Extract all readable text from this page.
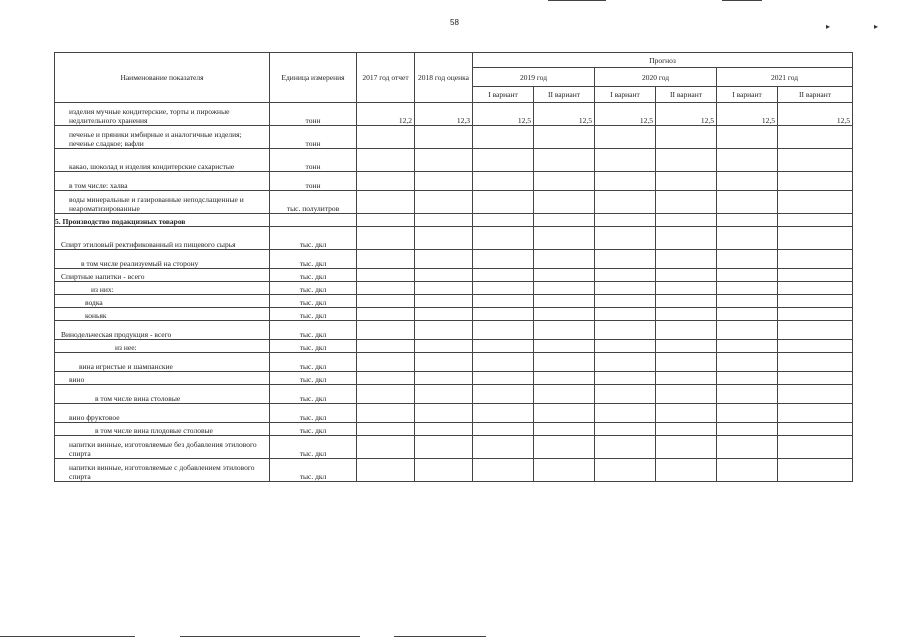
58	▸	▸
Наименование показателя	Единица измерения	2017 год отчет	2018 год оценка	Прогноз					
				2019 год		2020 год		2021 год	
				I вариант	II вариант	I вариант	II вариант	I вариант	II вариант
изделия мучные кондитерские, торты и пирожные недлительного хранения	тонн	12,2	12,3	12,5	12,5	12,5	12,5	12,5	12,5
печенье и пряники имбирные и аналогичные изделия; печенье сладкое; вафли	тонн								
какао, шоколад и изделия кондитерские сахаристые	тонн								
в том числе: халва	тонн								
воды минеральные и газированные неподслащенные и неароматизированные	тыс. полулитров								
5. Производство подакцизных товаров									
Спирт этиловый ректификованный из пищевого сырья	тыс. дкл								
в том числе реализуемый на сторону	тыс. дкл								
Спиртные напитки - всего	тыс. дкл								
из них:	тыс. дкл								
водка	тыс. дкл								
коньяк	тыс. дкл								
Винодельческая продукция - всего	тыс. дкл								
из нее:	тыс. дкл								
вина игристые и шампанские	тыс. дкл								
вино	тыс. дкл								
в том числе вина столовые	тыс. дкл								
вино фруктовое	тыс. дкл								
в том числе вина плодовые столовые	тыс. дкл								
напитки винные, изготовляемые без добавления этилового спирта	тыс. дкл								
напитки винные, изготовляемые с добавлением этилового спирта	тыс. дкл								
